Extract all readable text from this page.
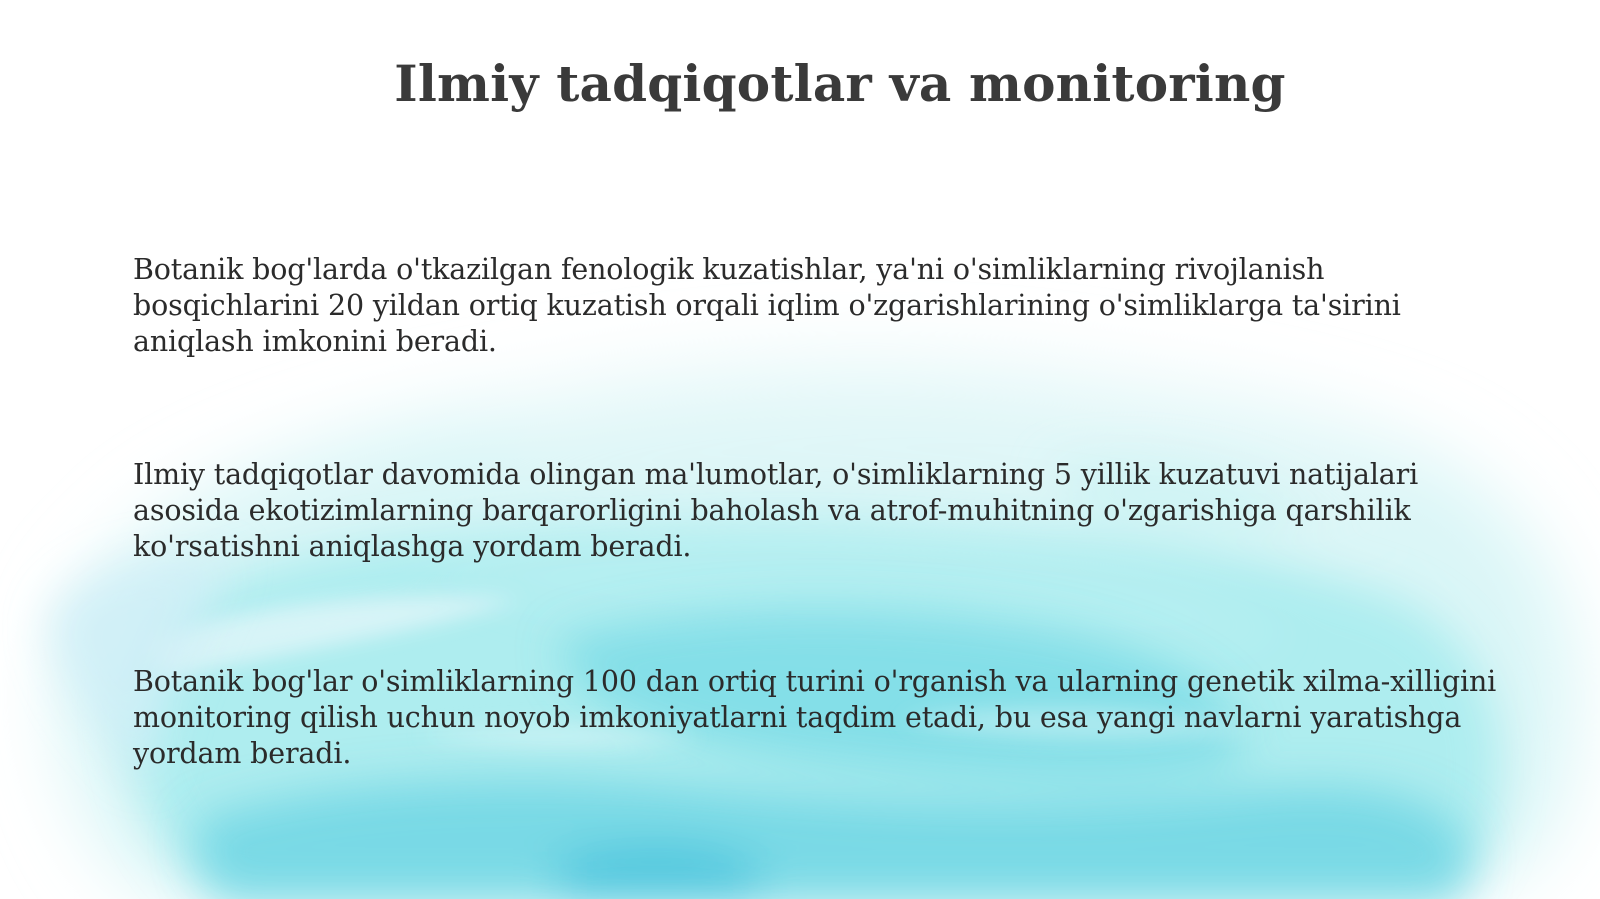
Ilmiy tadqiqotlar va monitoring

Botanik bog'larda o'tkazilgan fenologik kuzatishlar, ya'ni o'simliklarning rivojlanish bosqichlarini 20 yildan ortiq kuzatish orqali iqlim o'zgarishlarining o'simliklarga ta'sirini aniqlash imkonini beradi.

Ilmiy tadqiqotlar davomida olingan ma'lumotlar, o'simliklarning 5 yillik kuzatuvi natijalari asosida ekotizimlarning barqarorligini baholash va atrof-muhitning o'zgarishiga qarshilik ko'rsatishni aniqlashga yordam beradi.

Botanik bog'lar o'simliklarning 100 dan ortiq turini o'rganish va ularning genetik xilma-xilligini monitoring qilish uchun noyob imkoniyatlarni taqdim etadi, bu esa yangi navlarni yaratishga yordam beradi.
